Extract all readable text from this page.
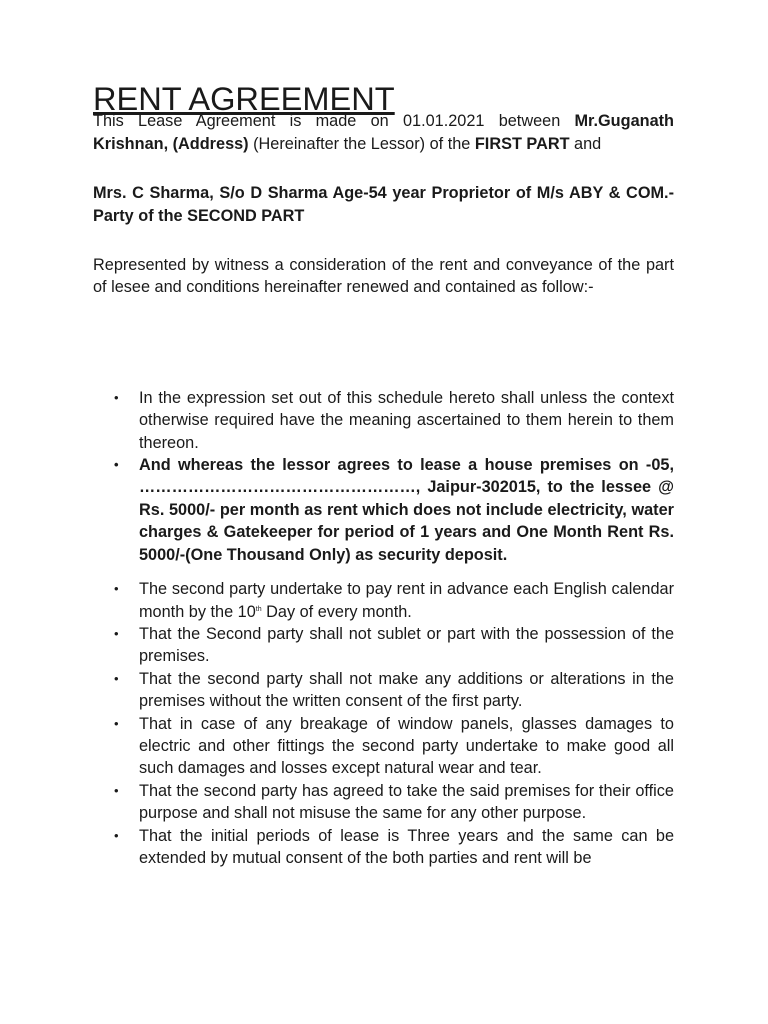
RENT AGREEMENT

This Lease Agreement is made on 01.01.2021 between Mr.Guganath Krishnan, (Address) (Hereinafter the Lessor) of the FIRST PART and

Mrs. C Sharma, S/o D Sharma Age-54 year Proprietor of M/s ABY & COM.- Party of the SECOND PART

Represented by witness a consideration of the rent and conveyance of the part of lesee and conditions hereinafter renewed and contained as follow:-

• In the expression set out of this schedule hereto shall unless the context otherwise required have the meaning ascertained to them herein to them thereon.
• And whereas the lessor agrees to lease a house premises on -05, ……………………………………………, Jaipur-302015, to the lessee @ Rs. 5000/- per month as rent which does not include electricity, water charges & Gatekeeper for period of 1 years and One Month Rent Rs. 5000/-(One Thousand Only) as security deposit.
• The second party undertake to pay rent in advance each English calendar month by the 10th Day of every month.
• That the Second party shall not sublet or part with the possession of the premises.
• That the second party shall not make any additions or alterations in the premises without the written consent of the first party.
• That in case of any breakage of window panels, glasses damages to electric and other fittings the second party undertake to make good all such damages and losses except natural wear and tear.
• That the second party has agreed to take the said premises for their office purpose and shall not misuse the same for any other purpose.
• That the initial periods of lease is Three years and the same can be extended by mutual consent of the both parties and rent will be
